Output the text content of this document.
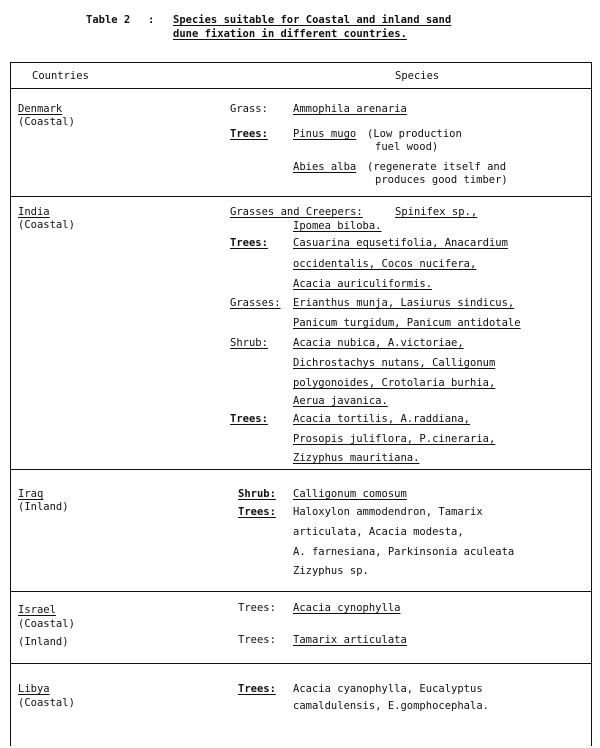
Table 2 : Species suitable for Coastal and inland sand
dune fixation in different countries.
Countries	Species
Denmark
(Coastal)
Grass: Ammophila arenaria
Trees: Pinus mugo (Low production
fuel wood)
Abies alba (regenerate itself and
produces good timber)
India
(Coastal)
Grasses and Creepers:	Spinifex sp.,
Ipomea biloba.
Trees: Casuarina equsetifolia, Anacardium
occidentalis, Cocos nucifera,
Acacia auriculiformis.
Grasses: Erianthus munja, Lasiurus sindicus,
Panicum turgidum, Panicum antidotale
Shrub: Acacia nubica, A.victoriae,
Dichrostachys nutans, Calligonum
polygonoides, Crotolaria burhia,
Aerua javanica.
Trees: Acacia tortilis, A.raddiana,
Prosopis juliflora, P.cineraria,
Zizyphus mauritiana.
Iraq
(Inland)
Shrub: Calligonum comosum
Trees: Haloxylon ammodendron, Tamarix
articulata, Acacia modesta,
A. farnesiana, Parkinsonia aculeata
Zizyphus sp.
Israel
(Coastal)
Trees: Acacia cynophylla
(Inland)	Trees: Tamarix articulata
Libya
(Coastal)
Trees: Acacia cyanophylla, Eucalyptus
camaldulensis, E.gomphocephala.
